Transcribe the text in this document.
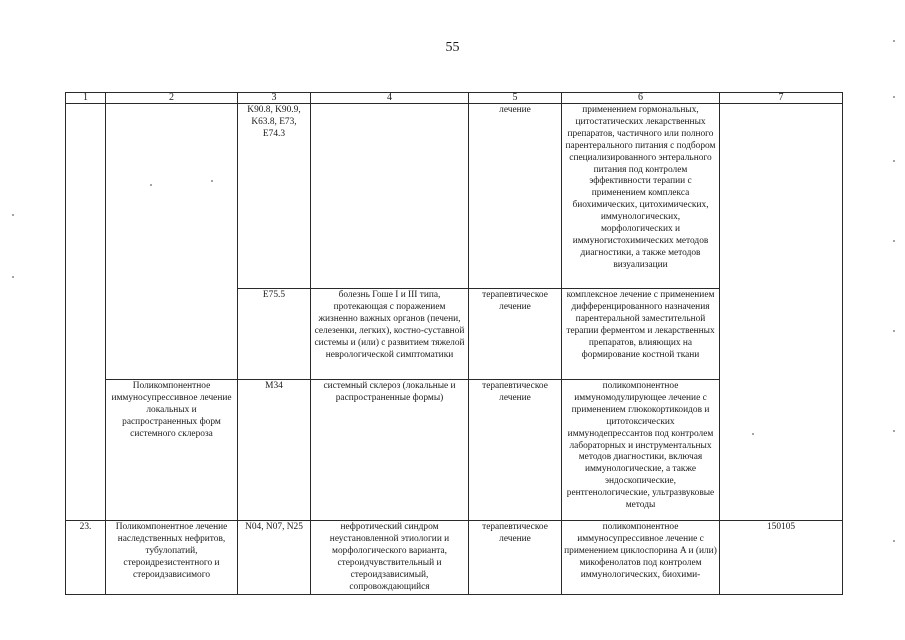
55
1	2	3	4	5	6	7
		K90.8, K90.9, K63.8, E73, E74.3		лечение	применением гормональных, цитостатических лекарственных препаратов, частичного или полного парентерального питания с подбором специализированного энтерального питания под контролем эффективности терапии с применением комплекса биохимических, цитохимических, иммунологических, морфологических и иммуногистохимических методов диагностики, а также методов визуализации	
		E75.5	болезнь Гоше I и III типа, протекающая с поражением жизненно важных органов (печени, селезенки, легких), костно-суставной системы и (или) с развитием тяжелой неврологической симптоматики	терапевтическое лечение	комплексное лечение с применением дифференцированного назначения парентеральной заместительной терапии ферментом и лекарственных препаратов, влияющих на формирование костной ткани	
	Поликомпонентное иммуносупрессивное лечение локальных и распространенных форм системного склероза	M34	системный склероз (локальные и распространенные формы)	терапевтическое лечение	поликомпонентное иммуномодулирующее лечение с применением глюкокортикоидов и цитотоксических иммунодепрессантов под контролем лабораторных и инструментальных методов диагностики, включая иммунологические, а также эндоскопические, рентгенологические, ультразвуковые методы	
23.	Поликомпонентное лечение наследственных нефритов, тубулопатий, стероидрезистентного и стероидзависимого	N04, N07, N25	нефротический синдром неустановленной этиологии и морфологического варианта, стероидчувствительный и стероидзависимый, сопровождающийся	терапевтическое лечение	поликомпонентное иммуносупрессивное лечение с применением циклоспорина A и (или) микофенолатов под контролем иммунологических, биохими-	150105
